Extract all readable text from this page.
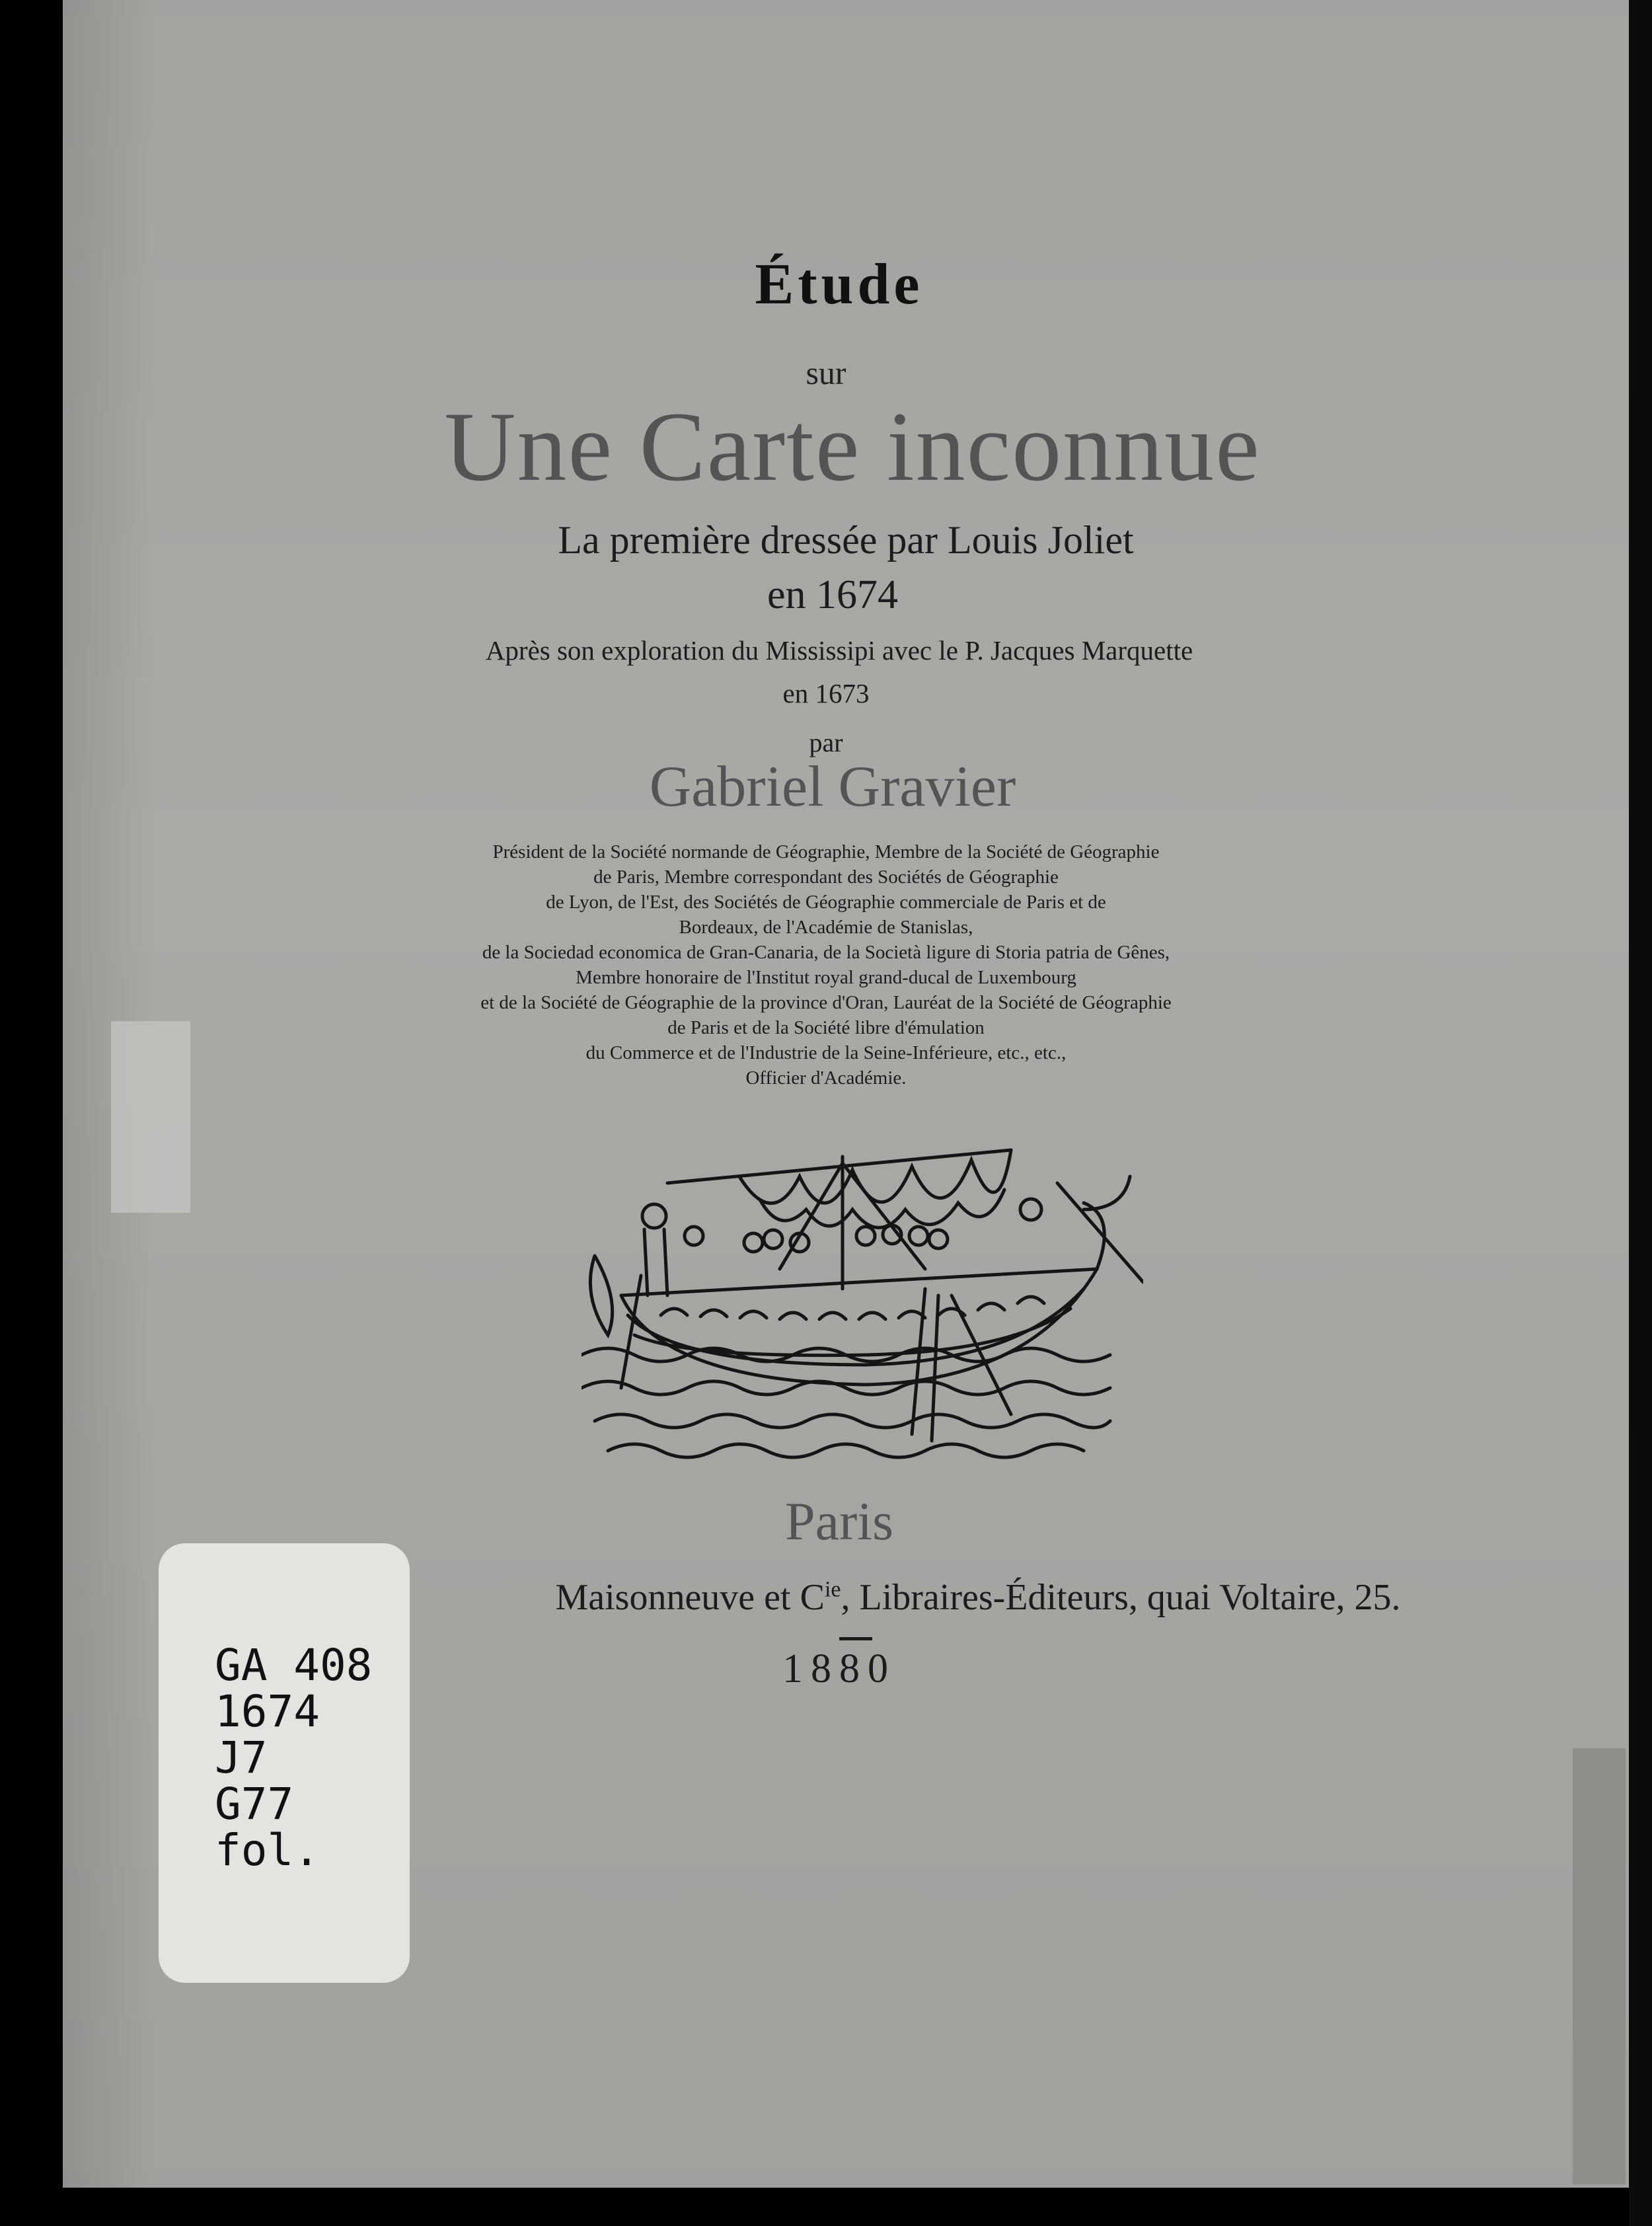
Étude
sur
Une Carte inconnue
La première dressée par Louis Joliet
en 1674
Après son exploration du Mississipi avec le P. Jacques Marquette
en 1673
par
Gabriel Gravier
Président de la Société normande de Géographie, Membre de la Société de Géographie
de Paris, Membre correspondant des Sociétés de Géographie
de Lyon, de l'Est, des Sociétés de Géographie commerciale de Paris et de
Bordeaux, de l'Académie de Stanislas,
de la Sociedad economica de Gran-Canaria, de la Società ligure di Storia patria de Gênes,
Membre honoraire de l'Institut royal grand-ducal de Luxembourg
et de la Société de Géographie de la province d'Oran, Lauréat de la Société de Géographie
de Paris et de la Société libre d'émulation
du Commerce et de l'Industrie de la Seine-Inférieure, etc., etc.,
Officier d'Académie.
Paris
Maisonneuve et $C^{ie}$, Libraires-Éditeurs, quai Voltaire, 25.
1880
GA 408
1674
J7
G77
fol.
